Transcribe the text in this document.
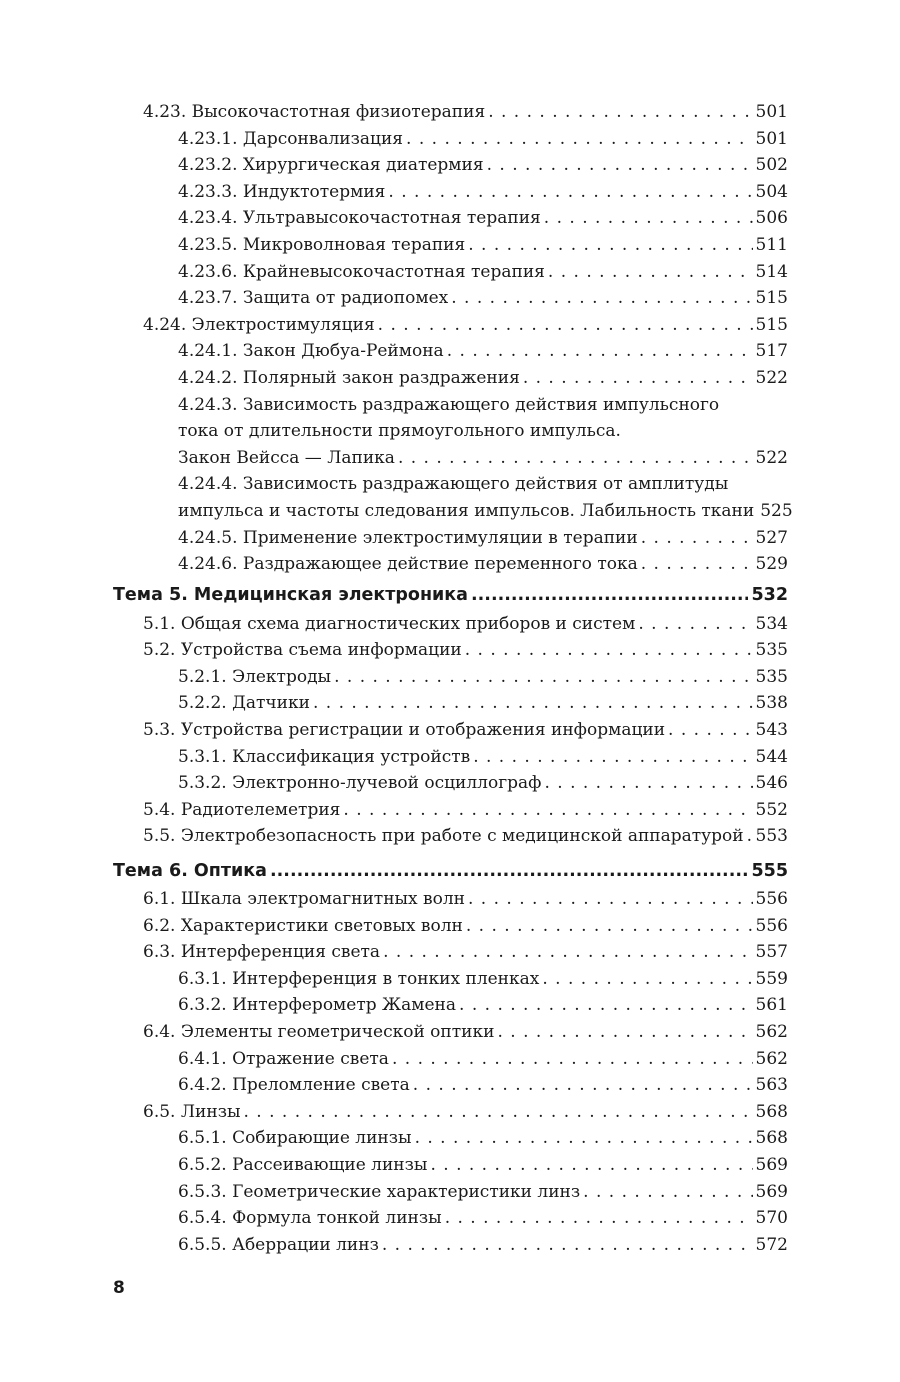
4.23. Высокочастотная физиотерапия . . .	501
4.23.1. Дарсонвализация . . .	501
4.23.2. Хирургическая диатермия . . .	502
4.23.3. Индуктотермия . . .	504
4.23.4. Ультравысокочастотная терапия . . .	506
4.23.5. Микроволновая терапия . . .	511
4.23.6. Крайневысокочастотная терапия . . .	514
4.23.7. Защита от радиопомех . . .	515
4.24. Электростимуляция . . .	515
4.24.1. Закон Дюбуа-Реймона . . .	517
4.24.2. Полярный закон раздражения . . .	522
4.24.3. Зависимость раздражающего действия импульсного
тока от длительности прямоугольного импульса.
Закон Вейсса — Лапика . . .	522
4.24.4. Зависимость раздражающего действия от амплитуды
импульса и частоты следования импульсов. Лабильность ткани 525
4.24.5. Применение электростимуляции в терапии . . .	527
4.24.6. Раздражающее действие переменного тока . . .	529
Тема 5. Медицинская электроника .....	532
5.1. Общая схема диагностических приборов и систем . . .	534
5.2. Устройства съема информации . . .	535
5.2.1. Электроды . . .	535
5.2.2. Датчики . . .	538
5.3. Устройства регистрации и отображения информации . . .	543
5.3.1. Классификация устройств . . .	544
5.3.2. Электронно-лучевой осциллограф . . .	546
5.4. Радиотелеметрия . . .	552
5.5. Электробезопасность при работе с медицинской аппаратурой . . . 553
Тема 6. Оптика .....	555
6.1. Шкала электромагнитных волн . . .	556
6.2. Характеристики световых волн . . .	556
6.3. Интерференция света . . .	557
6.3.1. Интерференция в тонких пленках . . .	559
6.3.2. Интерферометр Жамена . . .	561
6.4. Элементы геометрической оптики . . .	562
6.4.1. Отражение света . . .	562
6.4.2. Преломление света . . .	563
6.5. Линзы . . .	568
6.5.1. Собирающие линзы . . .	568
6.5.2. Рассеивающие линзы . . .	569
6.5.3. Геометрические характеристики линз . . .	569
6.5.4. Формула тонкой линзы . . .	570
6.5.5. Аберрации линз . . .	572
8
